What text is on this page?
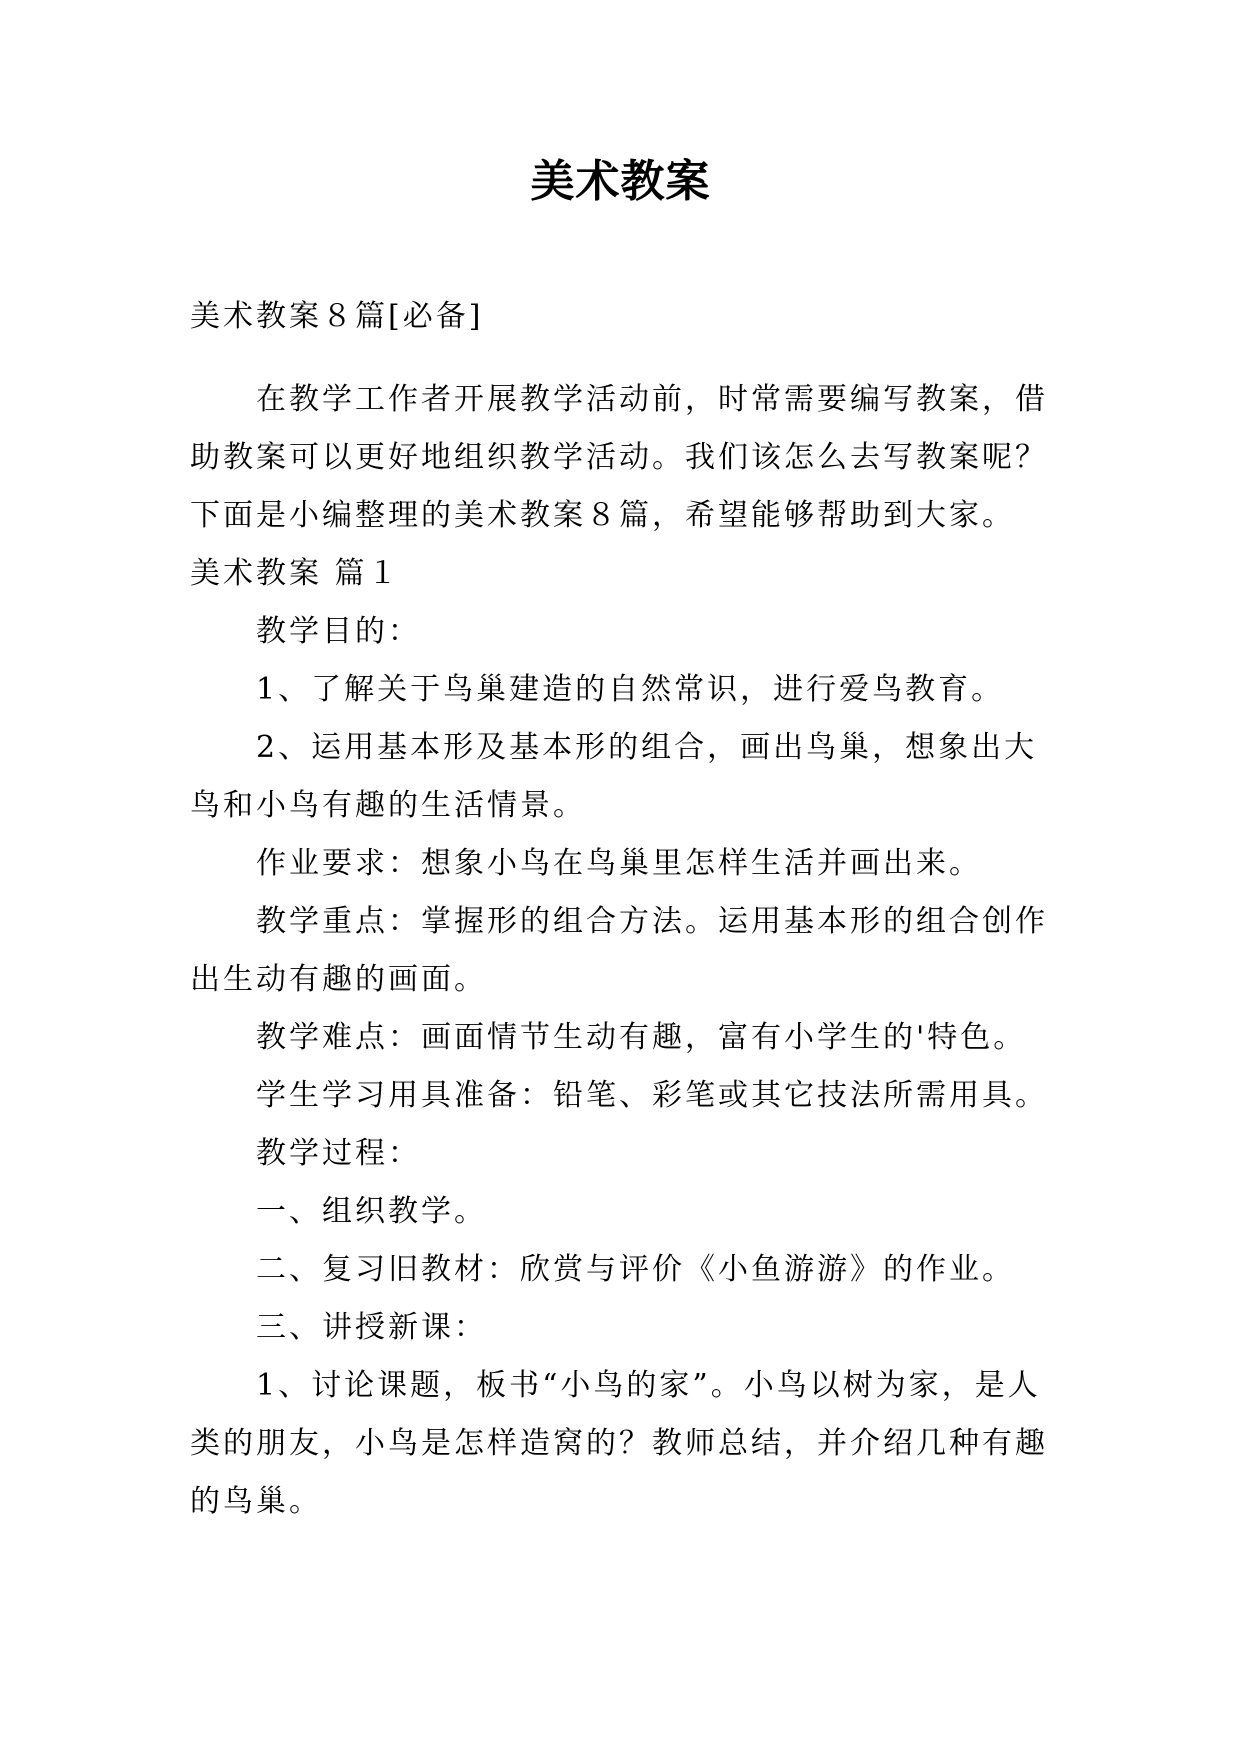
美术教案
美术教案８篇[必备]
在教学工作者开展教学活动前，时常需要编写教案，借
助教案可以更好地组织教学活动。我们该怎么去写教案呢？
下面是小编整理的美术教案８篇，希望能够帮助到大家。
美术教案 篇１
教学目的：
1、了解关于鸟巢建造的自然常识，进行爱鸟教育。
2、运用基本形及基本形的组合，画出鸟巢，想象出大
鸟和小鸟有趣的生活情景。
作业要求：想象小鸟在鸟巢里怎样生活并画出来。
教学重点：掌握形的组合方法。运用基本形的组合创作
出生动有趣的画面。
教学难点：画面情节生动有趣，富有小学生的'特色。
学生学习用具准备：铅笔、彩笔或其它技法所需用具。
教学过程：
一、组织教学。
二、复习旧教材：欣赏与评价《小鱼游游》的作业。
三、讲授新课：
1、讨论课题，板书“小鸟的家”。小鸟以树为家，是人
类的朋友，小鸟是怎样造窝的？教师总结，并介绍几种有趣
的鸟巢。
